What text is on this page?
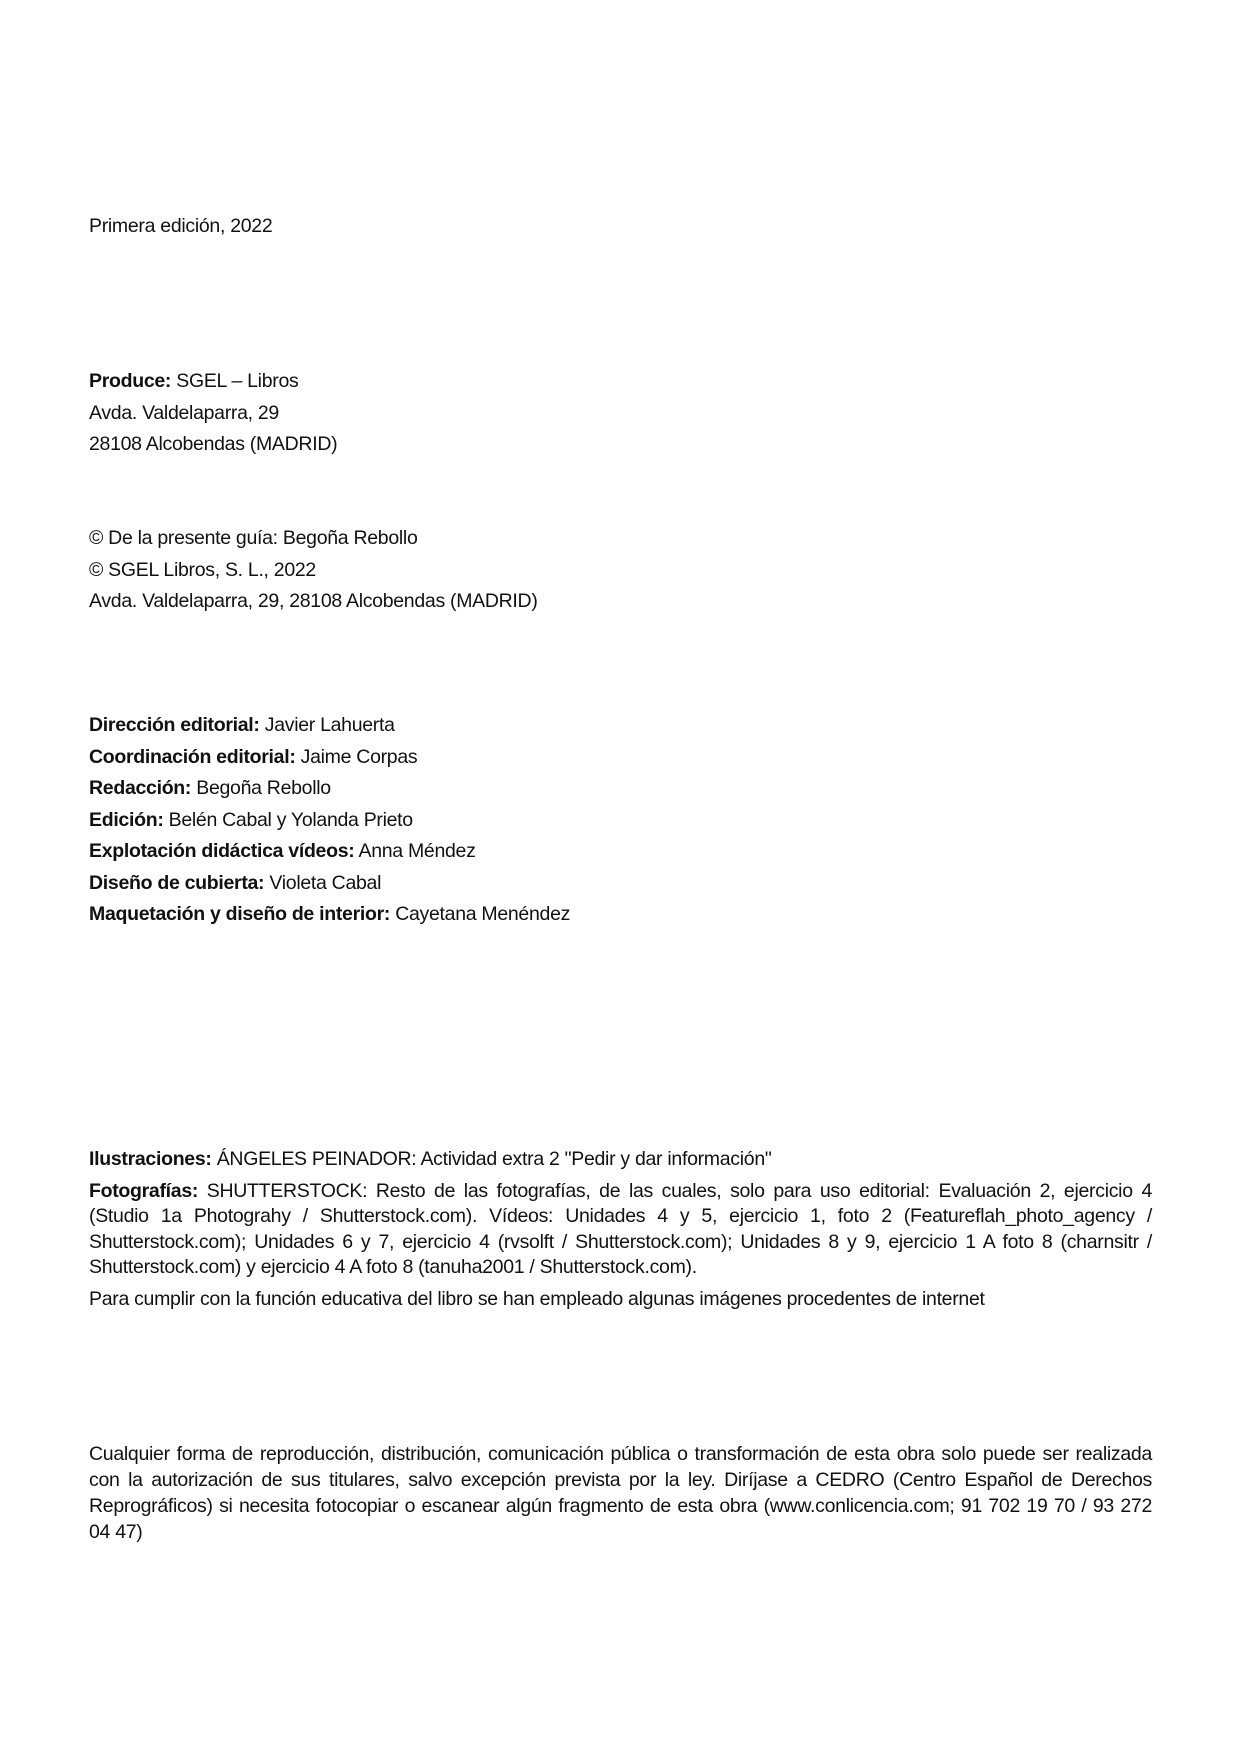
Primera edición, 2022
Produce: SGEL – Libros
Avda. Valdelaparra, 29
28108 Alcobendas (MADRID)
© De la presente guía: Begoña Rebollo
© SGEL Libros, S. L., 2022
Avda. Valdelaparra, 29, 28108 Alcobendas (MADRID)
Dirección editorial: Javier Lahuerta
Coordinación editorial: Jaime Corpas
Redacción: Begoña Rebollo
Edición: Belén Cabal y Yolanda Prieto
Explotación didáctica vídeos: Anna Méndez
Diseño de cubierta: Violeta Cabal
Maquetación y diseño de interior: Cayetana Menéndez
Ilustraciones: ÁNGELES PEINADOR: Actividad extra 2 "Pedir y dar información"
Fotografías: SHUTTERSTOCK: Resto de las fotografías, de las cuales, solo para uso editorial: Evaluación 2, ejercicio 4 (Studio 1a Photograhy / Shutterstock.com). Vídeos: Unidades 4 y 5, ejercicio 1, foto 2 (Featureflah_photo_agency / Shutterstock.com); Unidades 6 y 7, ejercicio 4 (rvsolft / Shutterstock.com); Unidades 8 y 9, ejercicio 1 A foto 8 (charnsitr / Shutterstock.com) y ejercicio 4 A foto 8 (tanuha2001 / Shutterstock.com).
Para cumplir con la función educativa del libro se han empleado algunas imágenes procedentes de internet
Cualquier forma de reproducción, distribución, comunicación pública o transformación de esta obra solo puede ser realizada con la autorización de sus titulares, salvo excepción prevista por la ley. Diríjase a CEDRO (Centro Español de Derechos Reprográficos) si necesita fotocopiar o escanear algún fragmento de esta obra (www.conlicencia.com; 91 702 19 70 / 93 272 04 47)
